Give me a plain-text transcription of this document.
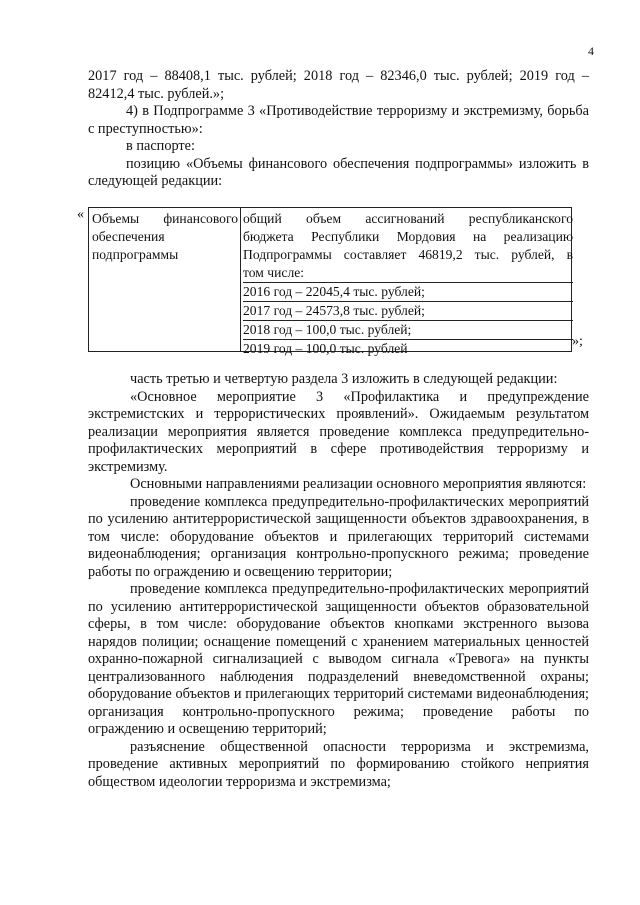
4

2017 год – 88408,1 тыс. рублей; 2018 год – 82346,0 тыс. рублей; 2019 год –

82412,4 тыс. рублей.»;

4) в Подпрограмме 3 «Противодействие терроризму и экстремизму, борьба с преступностью»:

в паспорте:

позицию «Объемы финансового обеспечения подпрограммы» изложить в следующей редакции:

« Объемы финансового
обеспечения
подпрограммы
общий объем ассигнований республиканского
бюджета Республики Мордовия на реализацию
Подпрограммы составляет 46819,2 тыс. рублей, в
том числе:
2016 год – 22045,4 тыс. рублей;
2017 год – 24573,8 тыс. рублей;
2018 год – 100,0 тыс. рублей;
2019 год – 100,0 тыс. рублей	»;

часть третью и четвертую раздела 3 изложить в следующей редакции:

«Основное мероприятие 3 «Профилактика и предупреждение экстремистских и террористических проявлений». Ожидаемым результатом реализации мероприятия является проведение комплекса предупредительно-профилактических мероприятий в сфере противодействия терроризму и экстремизму.

Основными направлениями реализации основного мероприятия являются:

проведение комплекса предупредительно-профилактических мероприятий по усилению антитеррористической защищенности объектов здравоохранения, в том числе: оборудование объектов и прилегающих территорий системами видеонаблюдения; организация контрольно-пропускного режима; проведение работы по ограждению и освещению территории;

проведение комплекса предупредительно-профилактических мероприятий по усилению антитеррористической защищенности объектов образовательной сферы, в том числе: оборудование объектов кнопками экстренного вызова нарядов полиции; оснащение помещений с хранением материальных ценностей охранно-пожарной сигнализацией с выводом сигнала «Тревога» на пункты централизованного наблюдения подразделений вневедомственной охраны; оборудование объектов и прилегающих территорий системами видеонаблюдения; организация контрольно-пропускного режима; проведение работы по ограждению и освещению территорий;

разъяснение общественной опасности терроризма и экстремизма, проведение активных мероприятий по формированию стойкого неприятия обществом идеологии терроризма и экстремизма;
